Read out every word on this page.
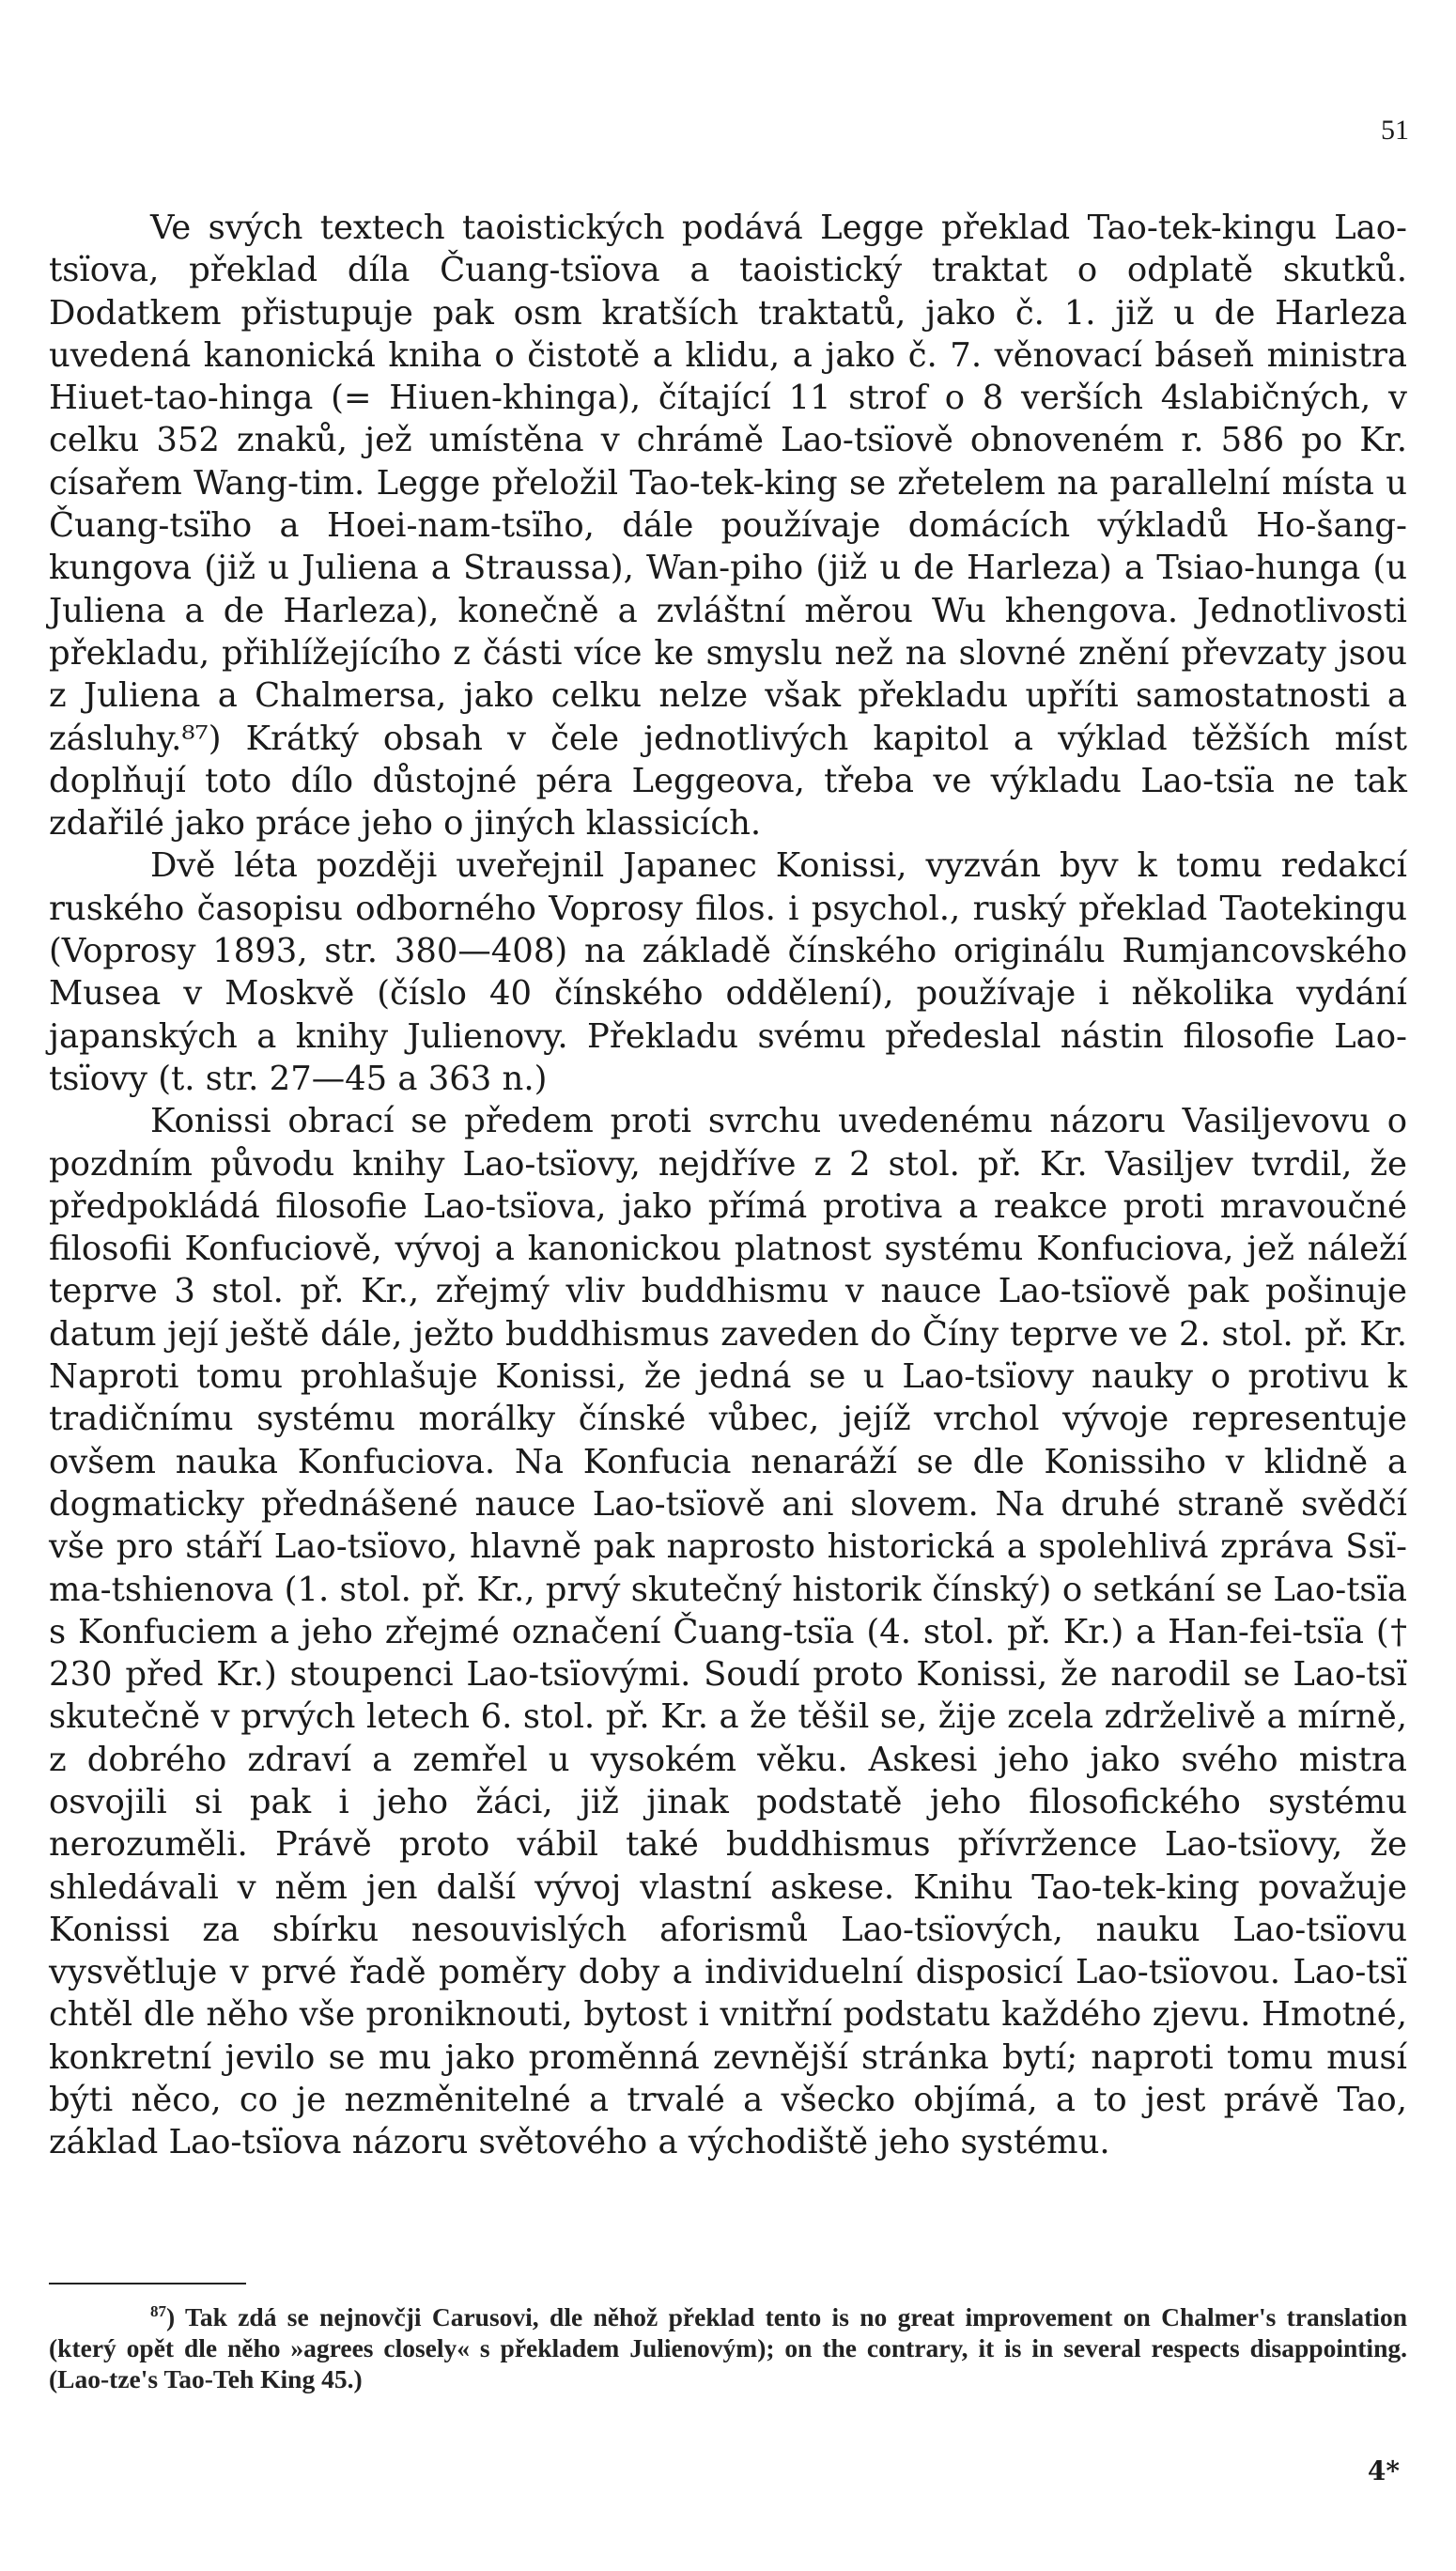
51

Ve svých textech taoistických podává Legge překlad Tao-tek-kingu Lao-tsïova, překlad díla Čuang-tsïova a taoistický traktat o odplatě skutků. Dodatkem přistupuje pak osm kratších traktatů, jako č. 1. již u de Harleza uvedená kanonická kniha o čistotě a klidu, a jako č. 7. věnovací báseň ministra Hiuet-tao-hinga (= Hiuen-khinga), čítající 11 strof o 8 verších 4slabičných, v celku 352 znaků, jež umístěna v chrámě Lao-tsïově obnoveném r. 586 po Kr. císařem Wang-tim. Legge přeložil Tao-tek-king se zřetelem na parallelní místa u Čuang-tsïho a Hoei-nam-tsïho, dále používaje domácích výkladů Ho-šang-kungova (již u Juliena a Straussa), Wan-piho (již u de Harleza) a Tsiao-hunga (u Juliena a de Harleza), konečně a zvláštní měrou Wu khengova. Jednotlivosti překladu, přihlížejícího z části více ke smyslu než na slovné znění převzaty jsou z Juliena a Chalmersa, jako celku nelze však překladu upříti samostatnosti a zásluhy.⁸⁷) Krátký obsah v čele jednotlivých kapitol a výklad těžších míst doplňují toto dílo důstojné péra Leggeova, třeba ve výkladu Lao-tsïa ne tak zdařilé jako práce jeho o jiných klassicích.

Dvě léta později uveřejnil Japanec Konissi, vyzván byv k tomu redakcí ruského časopisu odborného Voprosy filos. i psychol., ruský překlad Taotekingu (Voprosy 1893, str. 380—408) na základě čínského originálu Rumjancovského Musea v Moskvě (číslo 40 čínského oddělení), používaje i několika vydání japanských a knihy Julienovy. Překladu svému předeslal nástin filosofie Lao-tsïovy (t. str. 27—45 a 363 n.)

Konissi obrací se předem proti svrchu uvedenému názoru Vasiljevovu o pozdním původu knihy Lao-tsïovy, nejdříve z 2 stol. př. Kr. Vasiljev tvrdil, že předpokládá filosofie Lao-tsïova, jako přímá protiva a reakce proti mravoučné filosofii Konfuciově, vývoj a kanonickou platnost systému Konfuciova, jež náleží teprve 3 stol. př. Kr., zřejmý vliv buddhismu v nauce Lao-tsïově pak pošinuje datum její ještě dále, ježto buddhismus zaveden do Číny teprve ve 2. stol. př. Kr. Naproti tomu prohlašuje Konissi, že jedná se u Lao-tsïovy nauky o protivu k tradičnímu systému morálky čínské vůbec, jejíž vrchol vývoje representuje ovšem nauka Konfuciova. Na Konfucia nenaráží se dle Konissiho v klidně a dogmaticky přednášené nauce Lao-tsïově ani slovem. Na druhé straně svědčí vše pro stáří Lao-tsïovo, hlavně pak naprosto historická a spolehlivá zpráva Ssï-ma-tshienova (1. stol. př. Kr., prvý skutečný historik čínský) o setkání se Lao-tsïa s Konfuciem a jeho zřejmé označení Čuang-tsïa (4. stol. př. Kr.) a Han-fei-tsïa († 230 před Kr.) stoupenci Lao-tsïovými. Soudí proto Konissi, že narodil se Lao-tsï skutečně v prvých letech 6. stol. př. Kr. a že těšil se, žije zcela zdrželivě a mírně, z dobrého zdraví a zemřel u vysokém věku. Askesi jeho jako svého mistra osvojili si pak i jeho žáci, již jinak podstatě jeho filosofického systému nerozuměli. Právě proto vábil také buddhismus přívržence Lao-tsïovy, že shledávali v něm jen další vývoj vlastní askese. Knihu Tao-tek-king považuje Konissi za sbírku nesouvislých aforismů Lao-tsïových, nauku Lao-tsïovu vysvětluje v prvé řadě poměry doby a individuelní disposicí Lao-tsïovou. Lao-tsï chtěl dle něho vše proniknouti, bytost i vnitřní podstatu každého zjevu. Hmotné, konkretní jevilo se mu jako proměnná zevnější stránka bytí; naproti tomu musí býti něco, co je nezměnitelné a trvalé a všecko objímá, a to jest právě Tao, základ Lao-tsïova názoru světového a východiště jeho systému.

$^{87}$) Tak zdá se nejnovčji Carusovi, dle něhož překlad tento is no great improvement on Chalmer's translation (který opět dle něho »agrees closely« s překladem Julienovým); on the contrary, it is in several respects disappointing. (Lao-tze's Tao-Teh King 45.)

4*
